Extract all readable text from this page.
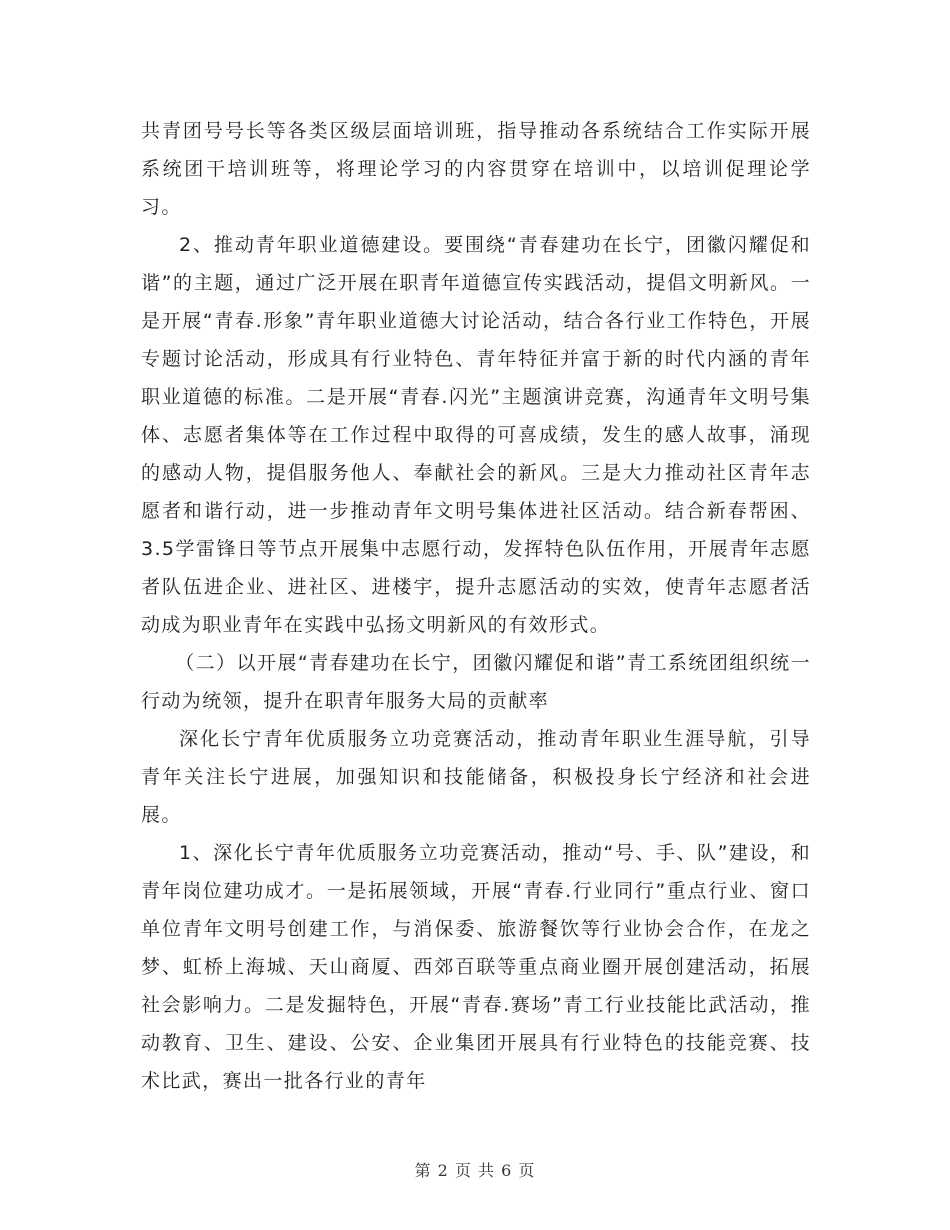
共青团号号长等各类区级层面培训班，指导推动各系统结合工作实际开展系统团干培训班等，将理论学习的内容贯穿在培训中，以培训促理论学习。

2、推动青年职业道德建设。要围绕“青春建功在长宁，团徽闪耀促和谐”的主题，通过广泛开展在职青年道德宣传实践活动，提倡文明新风。一是开展“青春.形象”青年职业道德大讨论活动，结合各行业工作特色，开展专题讨论活动，形成具有行业特色、青年特征并富于新的时代内涵的青年职业道德的标准。二是开展“青春.闪光”主题演讲竞赛，沟通青年文明号集体、志愿者集体等在工作过程中取得的可喜成绩，发生的感人故事，涌现的感动人物，提倡服务他人、奉献社会的新风。三是大力推动社区青年志愿者和谐行动，进一步推动青年文明号集体进社区活动。结合新春帮困、3.5学雷锋日等节点开展集中志愿行动，发挥特色队伍作用，开展青年志愿者队伍进企业、进社区、进楼宇，提升志愿活动的实效，使青年志愿者活动成为职业青年在实践中弘扬文明新风的有效形式。

（二）以开展“青春建功在长宁，团徽闪耀促和谐”青工系统团组织统一行动为统领，提升在职青年服务大局的贡献率

深化长宁青年优质服务立功竞赛活动，推动青年职业生涯导航，引导青年关注长宁进展，加强知识和技能储备，积极投身长宁经济和社会进展。

1、深化长宁青年优质服务立功竞赛活动，推动“号、手、队”建设，和青年岗位建功成才。一是拓展领域，开展“青春.行业同行”重点行业、窗口单位青年文明号创建工作，与消保委、旅游餐饮等行业协会合作，在龙之梦、虹桥上海城、天山商厦、西郊百联等重点商业圈开展创建活动，拓展社会影响力。二是发掘特色，开展“青春.赛场”青工行业技能比武活动，推动教育、卫生、建设、公安、企业集团开展具有行业特色的技能竞赛、技术比武，赛出一批各行业的青年

第 2 页 共 6 页
